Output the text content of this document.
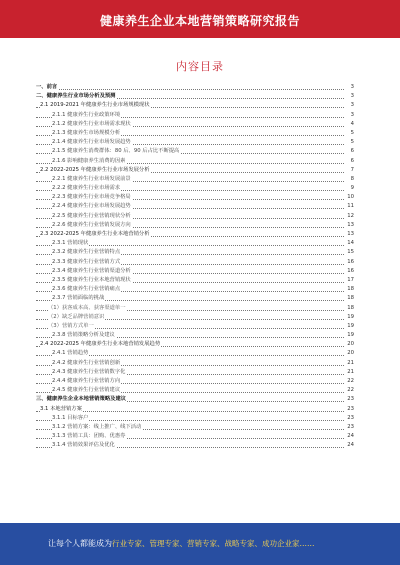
健康养生企业本地营销策略研究报告
内容目录
一、前言	3
二、健康养生行业市场分析及预测	3
2.1 2019-2021 年健康养生行业市场规模现状	3
2.1.1 健康养生行业政策环境	3
2.1.2 健康养生行业市场需求现状	4
2.1.3 健康养生市场规模分析	5
2.1.4 健康养生行业市场发展趋势	5
2.1.5 健康养生消费群体：80 后、90 后占比不断提高	6
2.1.6 影响健康养生消费的因素	6
2.2 2022-2025 年健康养生行业市场发展分析	7
2.2.1 健康养生行业市场发展前景	8
2.2.2 健康养生行业市场需求	9
2.2.3 健康养生行业市场竞争格局	10
2.2.4 健康养生行业市场发展趋势	11
2.2.5 健康养生行业营销现状分析	12
2.2.6 健康养生行业营销发展方向	13
2.3 2022-2025 年健康养生行业本地营销分析	13
2.3.1 营销现状	14
2.3.2 健康养生行业营销特点	15
2.3.3 健康养生行业营销方式	16
2.3.4 健康养生行业营销渠道分析	16
2.3.5 健康养生行业本地营销现状	17
2.3.6 健康养生行业营销痛点	18
2.3.7 营销面临的挑战	18
（1）获客成本高、获客渠道单一	18
（2）缺乏品牌营销意识	19
（3）营销方式单一	19
2.3.8 营销策略分析及建议	19
2.4 2022-2025 年健康养生行业本地营销发展趋势	20
2.4.1 营销趋势	20
2.4.2 健康养生行业营销创新	21
2.4.3 健康养生行业营销数字化	21
2.4.4 健康养生行业营销方向	22
2.4.5 健康养生行业营销建议	22
三、健康养生企业本地营销策略及建议	23
3.1 本地营销方案	23
3.1.1 目标客户	23
3.1.2 营销方案：线上推广、线下活动	23
3.1.3 营销工具：团购、优惠券	24
3.1.4 营销效果评估及优化	24
让每个人都能成为 行业专家、管理专家、营销专家、战略专家、成功企业家……
